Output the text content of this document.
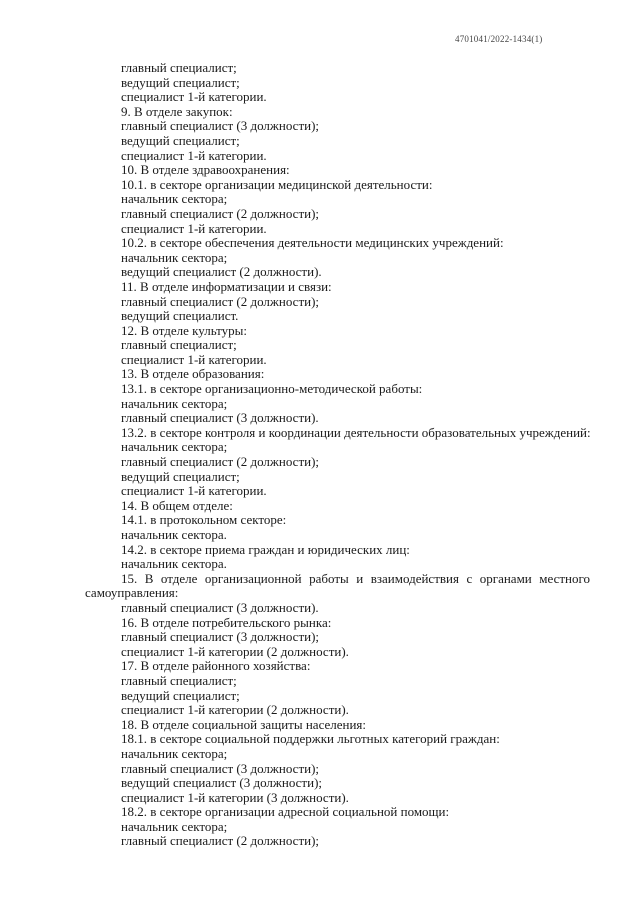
4701041/2022-1434(1)
главный специалист;
ведущий специалист;
специалист 1-й категории.
9. В отделе закупок:
главный специалист (3 должности);
ведущий специалист;
специалист 1-й категории.
10. В отделе здравоохранения:
10.1. в секторе организации медицинской деятельности:
начальник сектора;
главный специалист (2 должности);
специалист 1-й категории.
10.2. в секторе обеспечения деятельности медицинских учреждений:
начальник сектора;
ведущий специалист (2 должности).
11. В отделе информатизации и связи:
главный специалист (2 должности);
ведущий специалист.
12. В отделе культуры:
главный специалист;
специалист 1-й категории.
13. В отделе образования:
13.1. в секторе организационно-методической работы:
начальник сектора;
главный специалист (3 должности).
13.2. в секторе контроля и координации деятельности образовательных учреждений:
начальник сектора;
главный специалист (2 должности);
ведущий специалист;
специалист 1-й категории.
14. В общем отделе:
14.1. в протокольном секторе:
начальник сектора.
14.2. в секторе приема граждан и юридических лиц:
начальник сектора.
15. В отделе организационной работы и взаимодействия с органами местного
самоуправления:
главный специалист (3 должности).
16. В отделе потребительского рынка:
главный специалист (3 должности);
специалист 1-й категории (2 должности).
17. В отделе районного хозяйства:
главный специалист;
ведущий специалист;
специалист 1-й категории (2 должности).
18. В отделе социальной защиты населения:
18.1. в секторе социальной поддержки льготных категорий граждан:
начальник сектора;
главный специалист (3 должности);
ведущий специалист (3 должности);
специалист 1-й категории (3 должности).
18.2. в секторе организации адресной социальной помощи:
начальник сектора;
главный специалист (2 должности);
